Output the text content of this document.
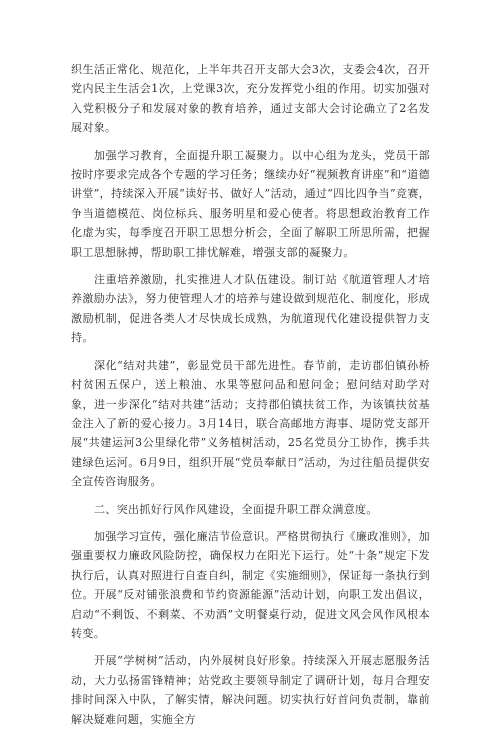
织生活正常化、规范化，上半年共召开支部大会3次，支委会4次，召开党内民主生活会1次，上党课3次，充分发挥党小组的作用。切实加强对入党积极分子和发展对象的教育培养，通过支部大会讨论确立了2名发展对象。

加强学习教育，全面提升职工凝聚力。以中心组为龙头，党员干部按时序要求完成各个专题的学习任务；继续办好“视频教育讲座”和“道德讲堂”，持续深入开展“读好书、做好人”活动，通过“四比四争当”竞赛，争当道德模范、岗位标兵、服务明星和爱心使者。将思想政治教育工作化虚为实，每季度召开职工思想分析会，全面了解职工所思所需，把握职工思想脉搏，帮助职工排忧解难，增强支部的凝聚力。

注重培养激励，扎实推进人才队伍建设。制订站《航道管理人才培养激励办法》，努力使管理人才的培养与建设做到规范化、制度化，形成激励机制，促进各类人才尽快成长成熟，为航道现代化建设提供智力支持。

深化“结对共建”，彰显党员干部先进性。春节前，走访郡伯镇孙桥村贫困五保户，送上粮油、水果等慰问品和慰问金；慰问结对助学对象，进一步深化“结对共建”活动；支持郡伯镇扶贫工作，为该镇扶贫基金注入了新的爱心接力。3月14日，联合高邮地方海事、堤防党支部开展“共建运河3公里绿化带”义务植树活动，25名党员分工协作，携手共建绿色运河。6月9日，组织开展“党员奉献日”活动，为过往船员提供安全宣传咨询服务。

二、突出抓好行风作风建设，全面提升职工群众满意度。

加强学习宣传，强化廉洁节俭意识。严格贯彻执行《廉政准则》，加强重要权力廉政风险防控，确保权力在阳光下运行。处“十条”规定下发执行后，认真对照进行自查自纠，制定《实施细则》，保证每一条执行到位。开展“反对铺张浪费和节约资源能源”活动计划，向职工发出倡议，启动“不剩饭、不剩菜、不劝酒”文明餐桌行动，促进文风会风作风根本转变。

开展“学树树”活动，内外展树良好形象。持续深入开展志愿服务活动，大力弘扬雷锋精神；站党政主要领导制定了调研计划，每月合理安排时间深入中队，了解实情，解决问题。切实执行好首问负责制，靠前解决疑难问题，实施全方
